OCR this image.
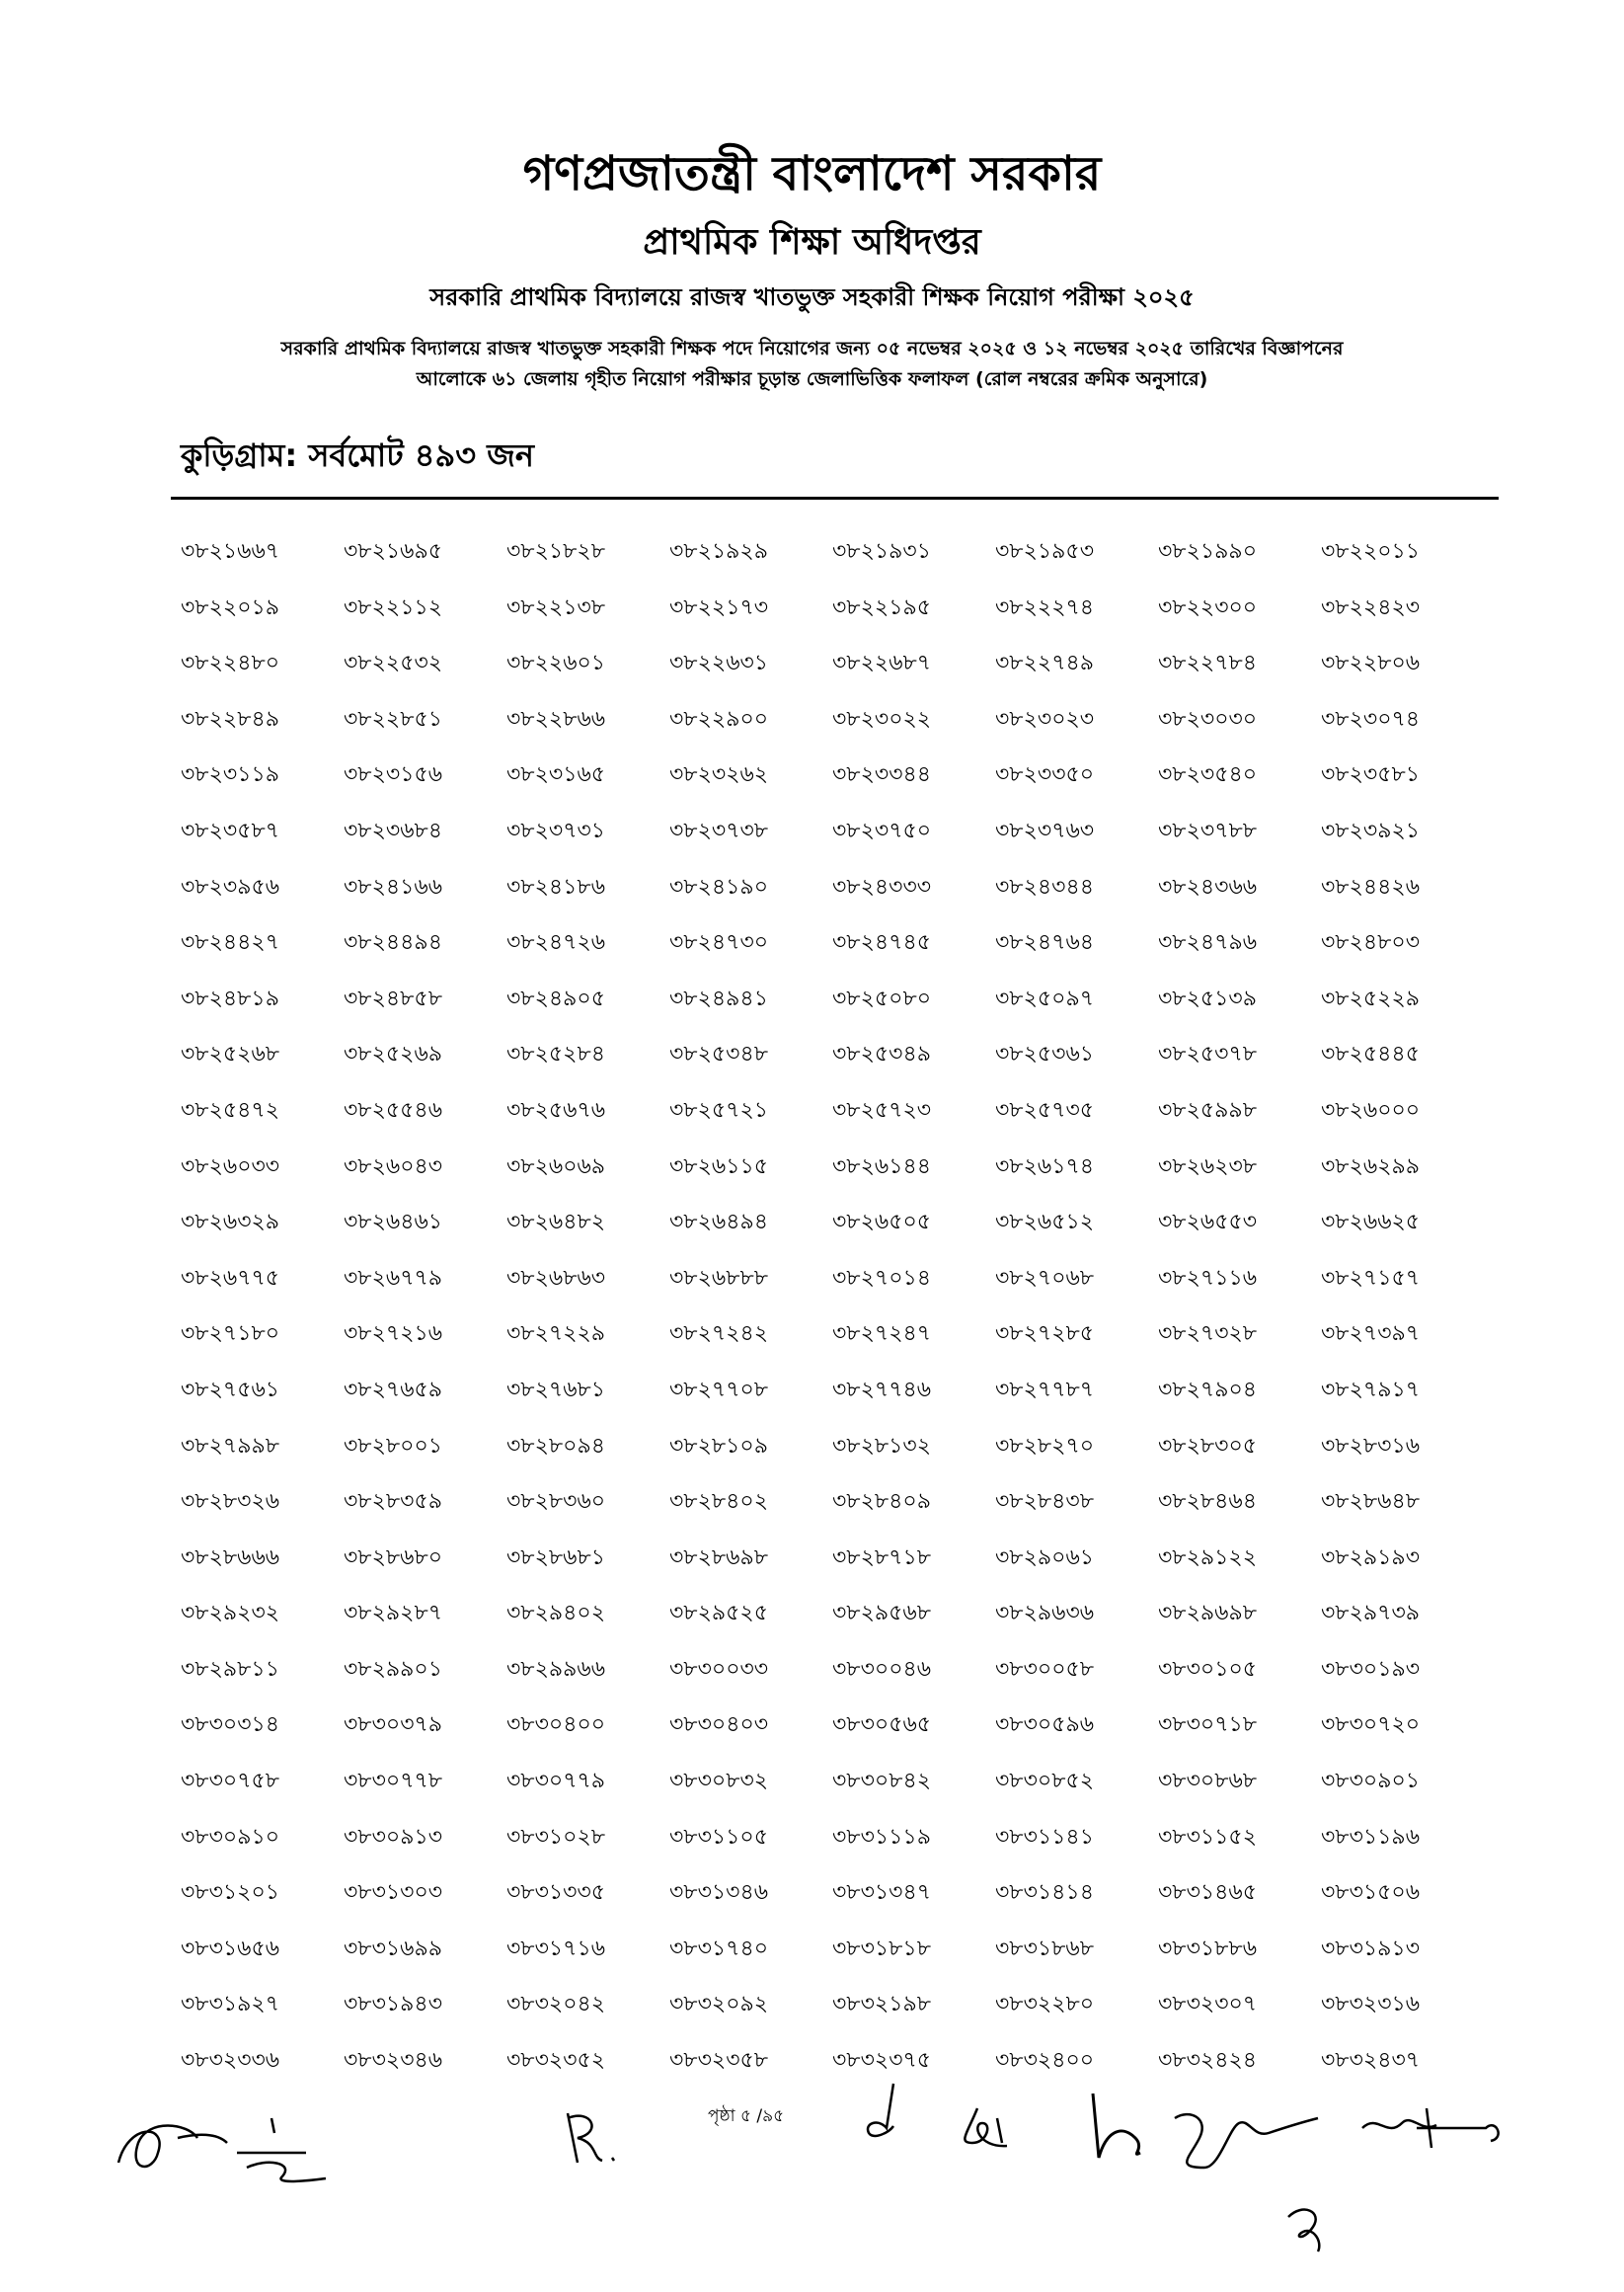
গণপ্রজাতন্ত্রী বাংলাদেশ সরকার
প্রাথমিক শিক্ষা অধিদপ্তর
সরকারি প্রাথমিক বিদ্যালয়ে রাজস্ব খাতভুক্ত সহকারী শিক্ষক নিয়োগ পরীক্ষা ২০২৫
সরকারি প্রাথমিক বিদ্যালয়ে রাজস্ব খাতভুক্ত সহকারী শিক্ষক পদে নিয়োগের জন্য ০৫ নভেম্বর ২০২৫ ও ১২ নভেম্বর ২০২৫ তারিখের বিজ্ঞাপনের
আলোকে ৬১ জেলায় গৃহীত নিয়োগ পরীক্ষার চূড়ান্ত জেলাভিত্তিক ফলাফল (রোল নম্বরের ক্রমিক অনুসারে)
কুড়িগ্রাম: সর্বমোট ৪৯৩ জন
৩৮২১৬৬৭	৩৮২১৬৯৫	৩৮২১৮২৮	৩৮২১৯২৯	৩৮২১৯৩১	৩৮২১৯৫৩	৩৮২১৯৯০	৩৮২২০১১
৩৮২২০১৯	৩৮২২১১২	৩৮২২১৩৮	৩৮২২১৭৩	৩৮২২১৯৫	৩৮২২২৭৪	৩৮২২৩০০	৩৮২২৪২৩
৩৮২২৪৮০	৩৮২২৫৩২	৩৮২২৬০১	৩৮২২৬৩১	৩৮২২৬৮৭	৩৮২২৭৪৯	৩৮২২৭৮৪	৩৮২২৮০৬
৩৮২২৮৪৯	৩৮২২৮৫১	৩৮২২৮৬৬	৩৮২২৯০০	৩৮২৩০২২	৩৮২৩০২৩	৩৮২৩০৩০	৩৮২৩০৭৪
৩৮২৩১১৯	৩৮২৩১৫৬	৩৮২৩১৬৫	৩৮২৩২৬২	৩৮২৩৩৪৪	৩৮২৩৩৫০	৩৮২৩৫৪০	৩৮২৩৫৮১
৩৮২৩৫৮৭	৩৮২৩৬৮৪	৩৮২৩৭৩১	৩৮২৩৭৩৮	৩৮২৩৭৫০	৩৮২৩৭৬৩	৩৮২৩৭৮৮	৩৮২৩৯২১
৩৮২৩৯৫৬	৩৮২৪১৬৬	৩৮২৪১৮৬	৩৮২৪১৯০	৩৮২৪৩৩৩	৩৮২৪৩৪৪	৩৮২৪৩৬৬	৩৮২৪৪২৬
৩৮২৪৪২৭	৩৮২৪৪৯৪	৩৮২৪৭২৬	৩৮২৪৭৩০	৩৮২৪৭৪৫	৩৮২৪৭৬৪	৩৮২৪৭৯৬	৩৮২৪৮০৩
৩৮২৪৮১৯	৩৮২৪৮৫৮	৩৮২৪৯০৫	৩৮২৪৯৪১	৩৮২৫০৮০	৩৮২৫০৯৭	৩৮২৫১৩৯	৩৮২৫২২৯
৩৮২৫২৬৮	৩৮২৫২৬৯	৩৮২৫২৮৪	৩৮২৫৩৪৮	৩৮২৫৩৪৯	৩৮২৫৩৬১	৩৮২৫৩৭৮	৩৮২৫৪৪৫
৩৮২৫৪৭২	৩৮২৫৫৪৬	৩৮২৫৬৭৬	৩৮২৫৭২১	৩৮২৫৭২৩	৩৮২৫৭৩৫	৩৮২৫৯৯৮	৩৮২৬০০০
৩৮২৬০৩৩	৩৮২৬০৪৩	৩৮২৬০৬৯	৩৮২৬১১৫	৩৮২৬১৪৪	৩৮২৬১৭৪	৩৮২৬২৩৮	৩৮২৬২৯৯
৩৮২৬৩২৯	৩৮২৬৪৬১	৩৮২৬৪৮২	৩৮২৬৪৯৪	৩৮২৬৫০৫	৩৮২৬৫১২	৩৮২৬৫৫৩	৩৮২৬৬২৫
৩৮২৬৭৭৫	৩৮২৬৭৭৯	৩৮২৬৮৬৩	৩৮২৬৮৮৮	৩৮২৭০১৪	৩৮২৭০৬৮	৩৮২৭১১৬	৩৮২৭১৫৭
৩৮২৭১৮০	৩৮২৭২১৬	৩৮২৭২২৯	৩৮২৭২৪২	৩৮২৭২৪৭	৩৮২৭২৮৫	৩৮২৭৩২৮	৩৮২৭৩৯৭
৩৮২৭৫৬১	৩৮২৭৬৫৯	৩৮২৭৬৮১	৩৮২৭৭০৮	৩৮২৭৭৪৬	৩৮২৭৭৮৭	৩৮২৭৯০৪	৩৮২৭৯১৭
৩৮২৭৯৯৮	৩৮২৮০০১	৩৮২৮০৯৪	৩৮২৮১০৯	৩৮২৮১৩২	৩৮২৮২৭০	৩৮২৮৩০৫	৩৮২৮৩১৬
৩৮২৮৩২৬	৩৮২৮৩৫৯	৩৮২৮৩৬০	৩৮২৮৪০২	৩৮২৮৪০৯	৩৮২৮৪৩৮	৩৮২৮৪৬৪	৩৮২৮৬৪৮
৩৮২৮৬৬৬	৩৮২৮৬৮০	৩৮২৮৬৮১	৩৮২৮৬৯৮	৩৮২৮৭১৮	৩৮২৯০৬১	৩৮২৯১২২	৩৮২৯১৯৩
৩৮২৯২৩২	৩৮২৯২৮৭	৩৮২৯৪০২	৩৮২৯৫২৫	৩৮২৯৫৬৮	৩৮২৯৬৩৬	৩৮২৯৬৯৮	৩৮২৯৭৩৯
৩৮২৯৮১১	৩৮২৯৯০১	৩৮২৯৯৬৬	৩৮৩০০৩৩	৩৮৩০০৪৬	৩৮৩০০৫৮	৩৮৩০১০৫	৩৮৩০১৯৩
৩৮৩০৩১৪	৩৮৩০৩৭৯	৩৮৩০৪০০	৩৮৩০৪০৩	৩৮৩০৫৬৫	৩৮৩০৫৯৬	৩৮৩০৭১৮	৩৮৩০৭২০
৩৮৩০৭৫৮	৩৮৩০৭৭৮	৩৮৩০৭৭৯	৩৮৩০৮৩২	৩৮৩০৮৪২	৩৮৩০৮৫২	৩৮৩০৮৬৮	৩৮৩০৯০১
৩৮৩০৯১০	৩৮৩০৯১৩	৩৮৩১০২৮	৩৮৩১১০৫	৩৮৩১১১৯	৩৮৩১১৪১	৩৮৩১১৫২	৩৮৩১১৯৬
৩৮৩১২০১	৩৮৩১৩০৩	৩৮৩১৩৩৫	৩৮৩১৩৪৬	৩৮৩১৩৪৭	৩৮৩১৪১৪	৩৮৩১৪৬৫	৩৮৩১৫০৬
৩৮৩১৬৫৬	৩৮৩১৬৯৯	৩৮৩১৭১৬	৩৮৩১৭৪০	৩৮৩১৮১৮	৩৮৩১৮৬৮	৩৮৩১৮৮৬	৩৮৩১৯১৩
৩৮৩১৯২৭	৩৮৩১৯৪৩	৩৮৩২০৪২	৩৮৩২০৯২	৩৮৩২১৯৮	৩৮৩২২৮০	৩৮৩২৩০৭	৩৮৩২৩১৬
৩৮৩২৩৩৬	৩৮৩২৩৪৬	৩৮৩২৩৫২	৩৮৩২৩৫৮	৩৮৩২৩৭৫	৩৮৩২৪০০	৩৮৩২৪২৪	৩৮৩২৪৩৭
পৃষ্ঠা ৫ /৯৫
